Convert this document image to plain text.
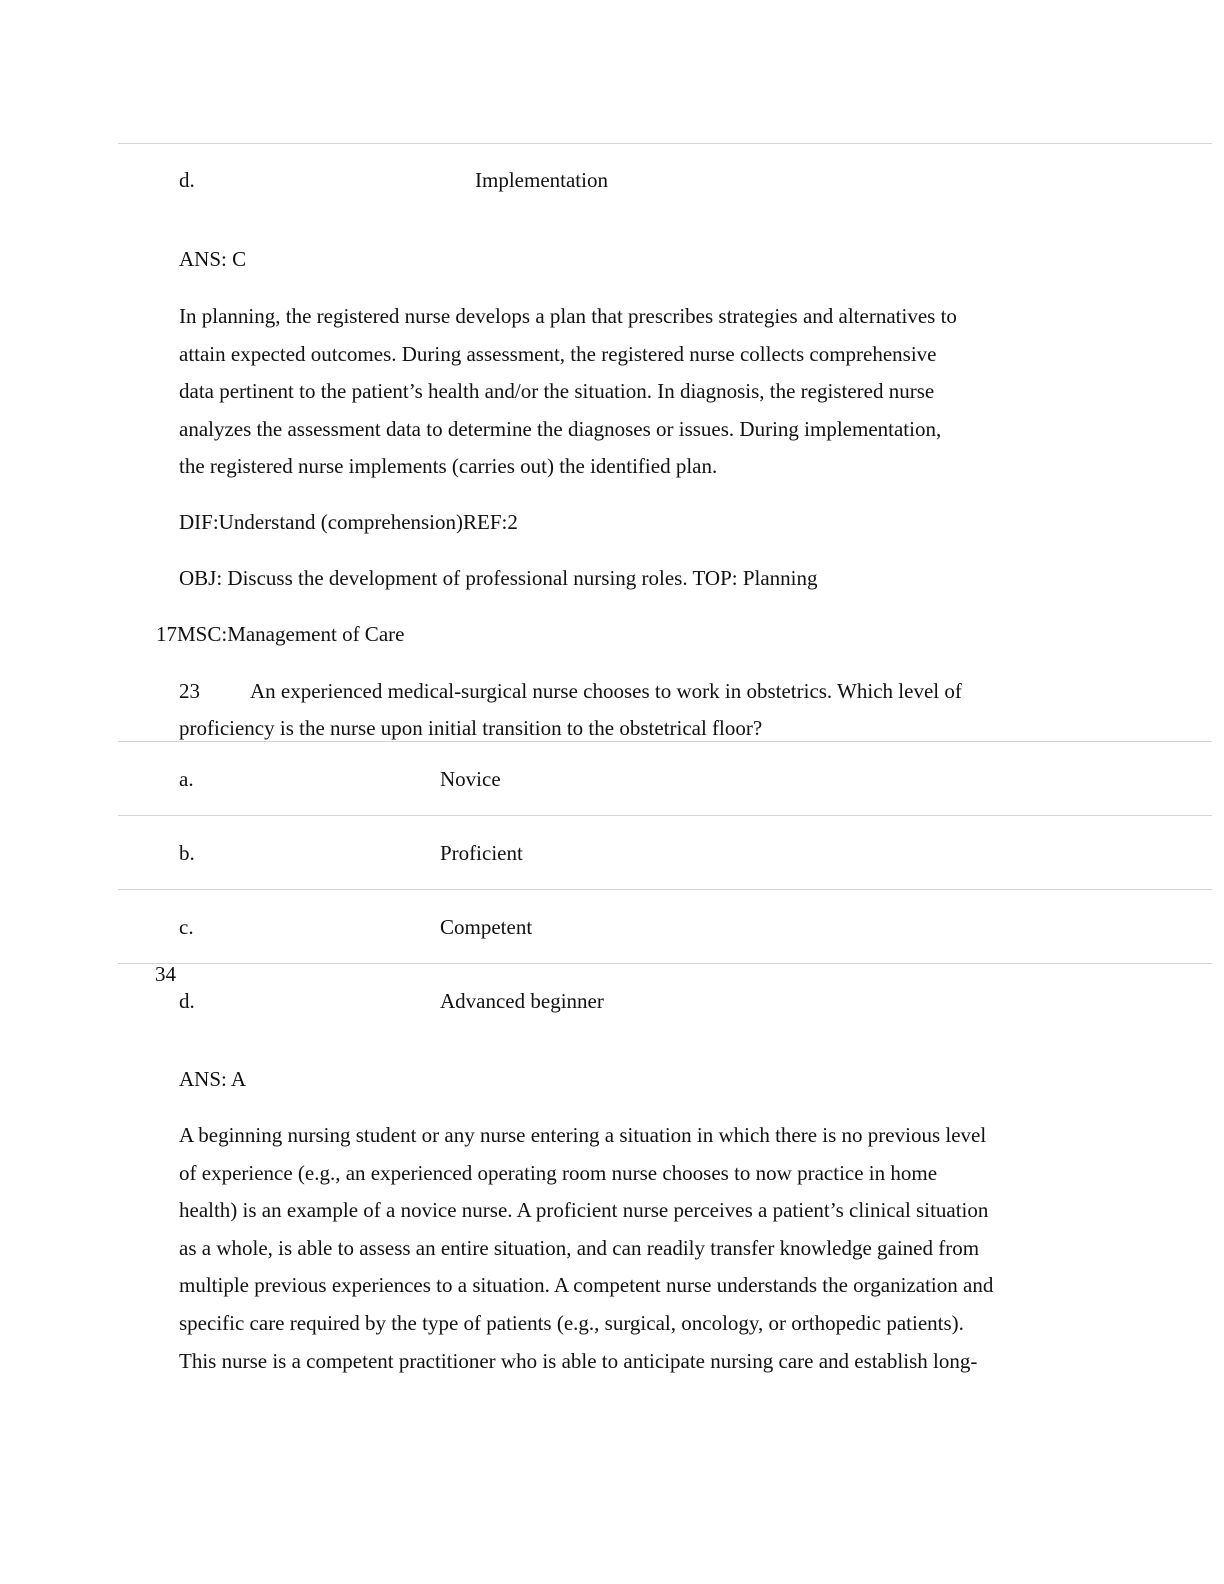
d.	Implementation
ANS: C
In planning, the registered nurse develops a plan that prescribes strategies and alternatives to
attain expected outcomes. During assessment, the registered nurse collects comprehensive
data pertinent to the patient’s health and/or the situation. In diagnosis, the registered nurse
analyzes the assessment data to determine the diagnoses or issues. During implementation,
the registered nurse implements (carries out) the identified plan.
DIF:Understand (comprehension)REF:2
OBJ: Discuss the development of professional nursing roles. TOP: Planning
17MSC:Management of Care
23 An experienced medical-surgical nurse chooses to work in obstetrics. Which level of
proficiency is the nurse upon initial transition to the obstetrical floor?
a.	Novice
b.	Proficient
c.	Competent
34
d.	Advanced beginner
ANS: A
A beginning nursing student or any nurse entering a situation in which there is no previous level
of experience (e.g., an experienced operating room nurse chooses to now practice in home
health) is an example of a novice nurse. A proficient nurse perceives a patient’s clinical situation
as a whole, is able to assess an entire situation, and can readily transfer knowledge gained from
multiple previous experiences to a situation. A competent nurse understands the organization and
specific care required by the type of patients (e.g., surgical, oncology, or orthopedic patients).
This nurse is a competent practitioner who is able to anticipate nursing care and establish long-
